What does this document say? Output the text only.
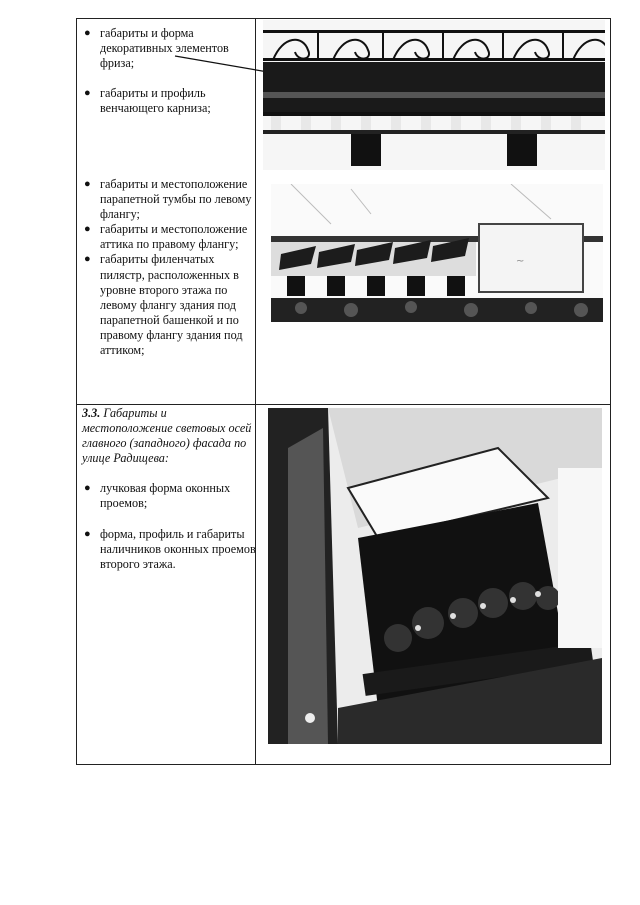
● габариты и форма декоративных элементов фриза;
● габариты и профиль венчающего карниза;
● габариты и местоположение парапетной тумбы по левому флангу;
● габариты и местоположение аттика по правому флангу;
● габариты филенчатых пилястр, расположенных в уровне второго этажа по левому флангу здания под парапетной башенкой и по правому флангу здания под аттиком;
3.3. Габариты и местоположение световых осей главного (западного) фасада по улице Радищева:
● лучковая форма оконных проемов;
● форма, профиль и габариты наличников оконных проемов второго этажа.
~
